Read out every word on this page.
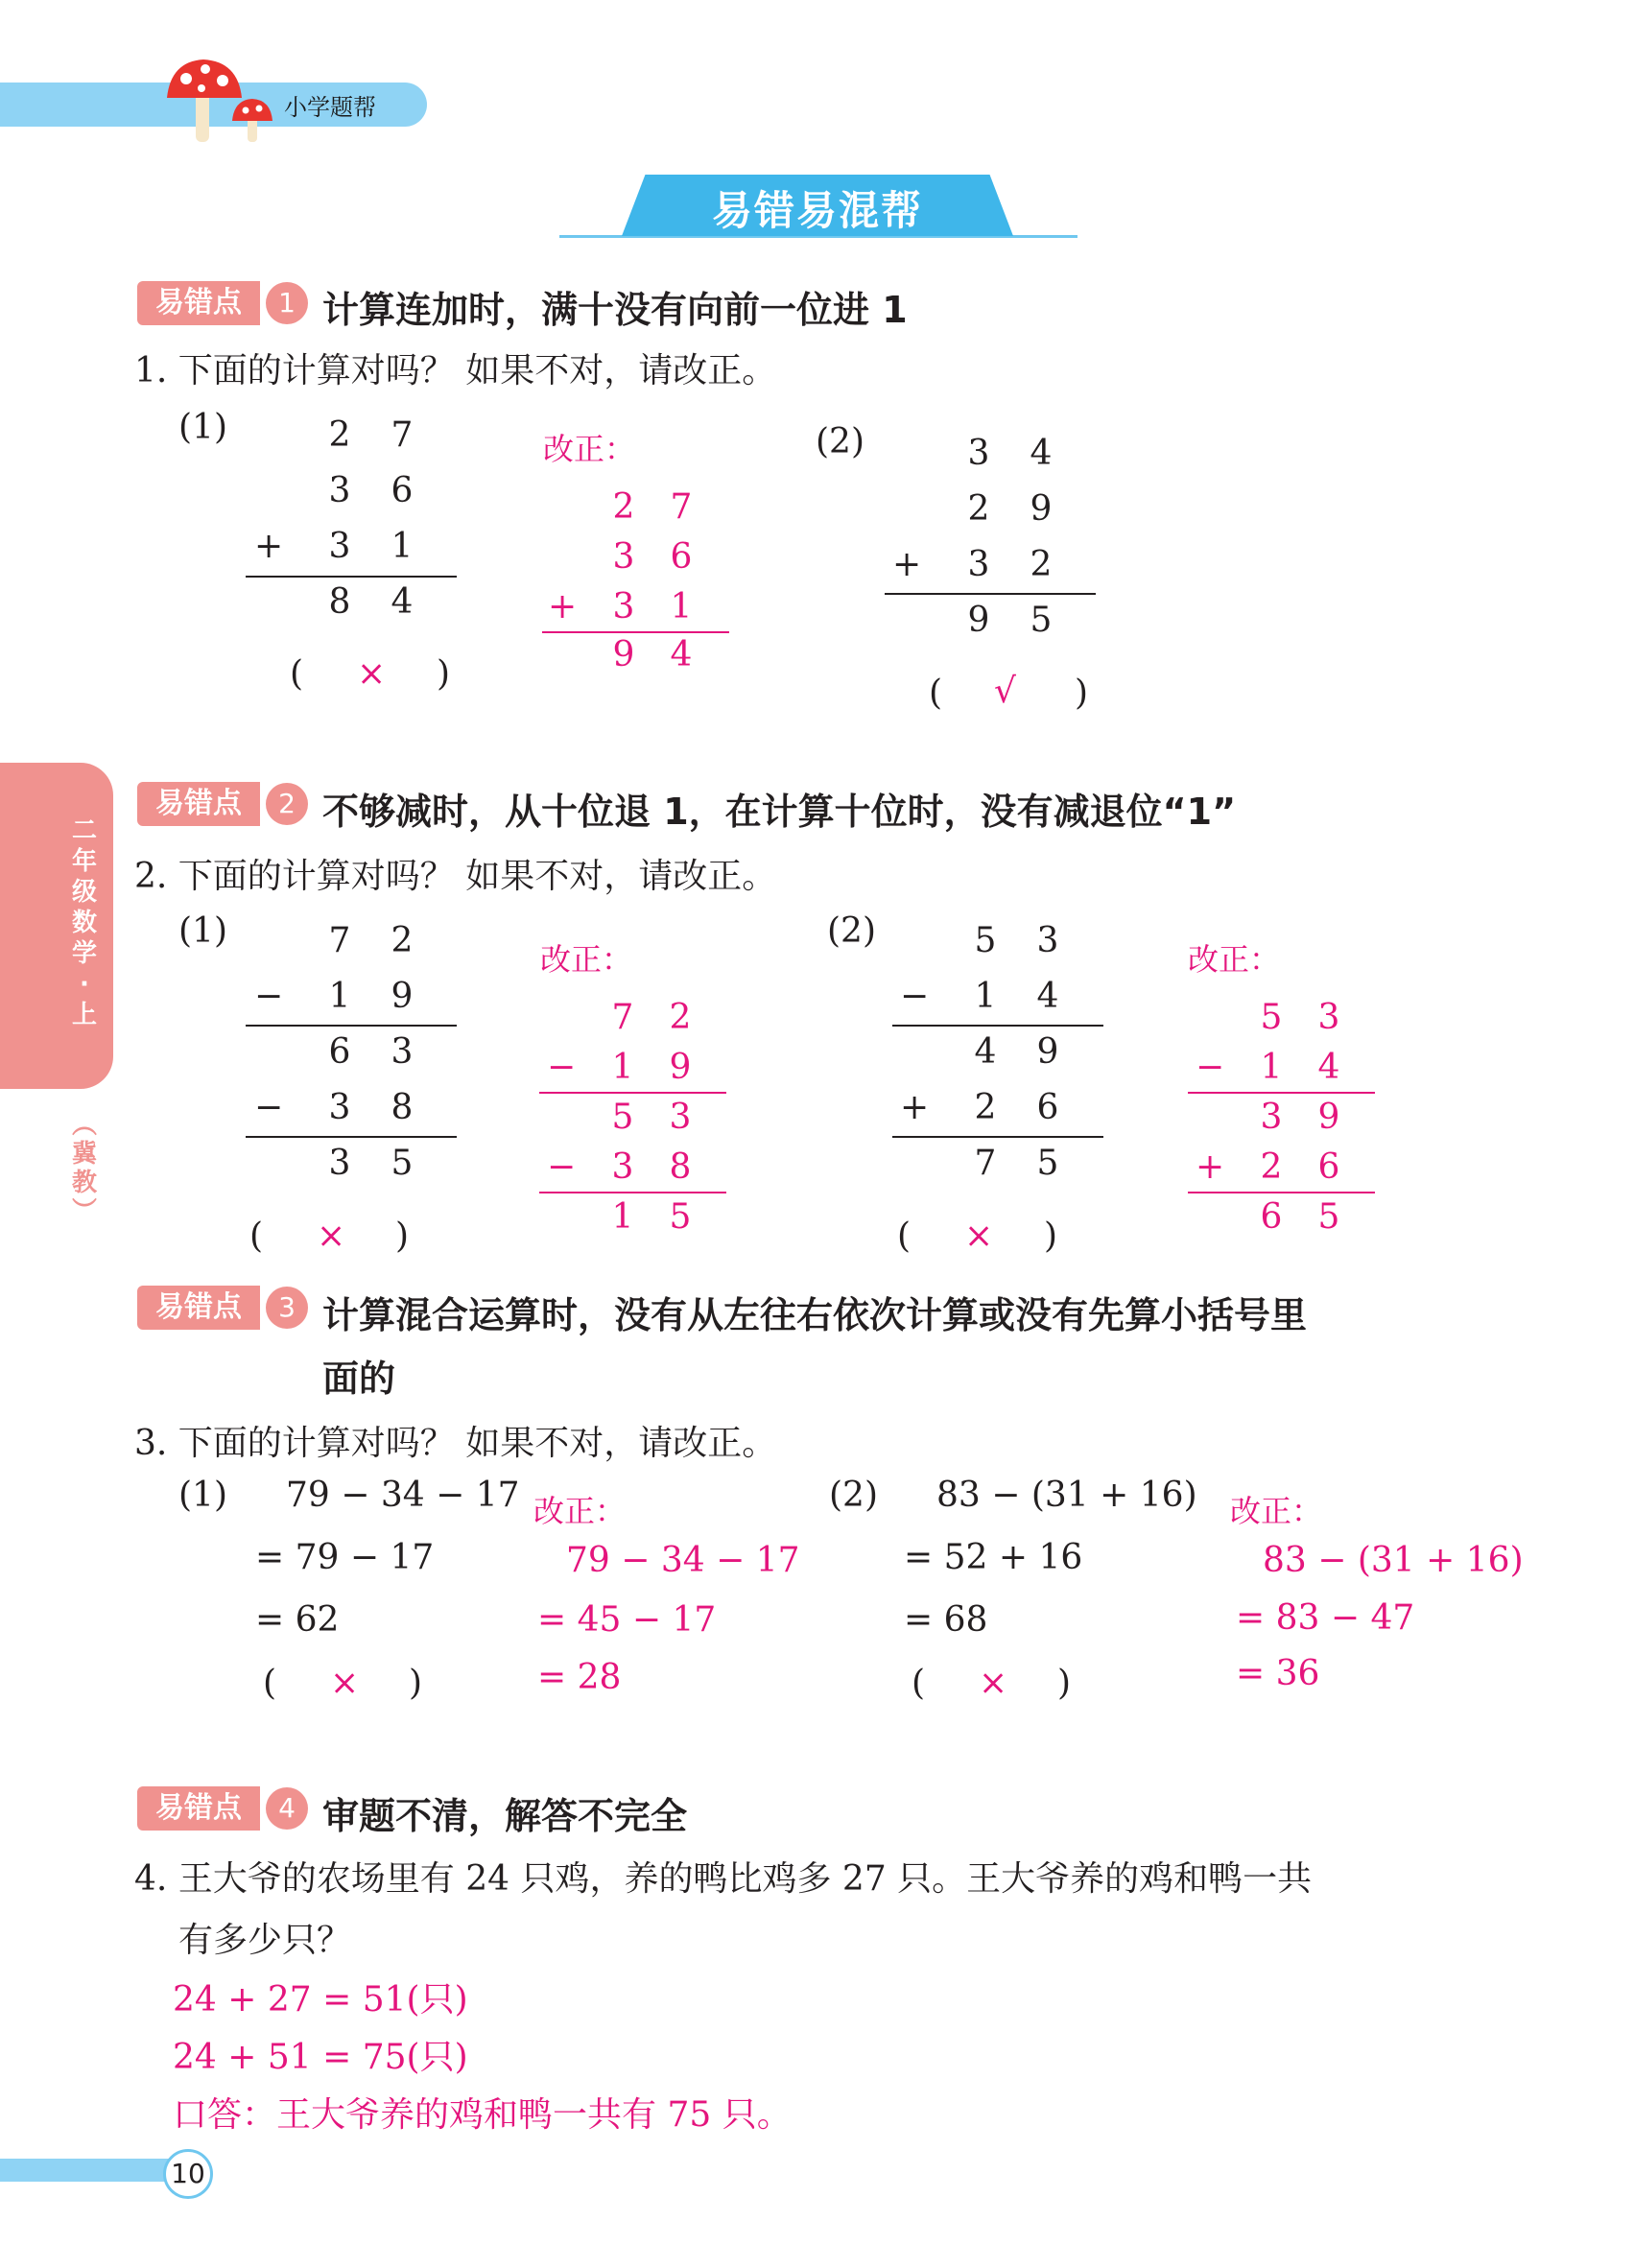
小学题帮
易错易混帮
二
年
级
数
学
·
上
︵
冀
教
︶
易错点	1 计算连加时，满十没有向前一位进 1
1. 下面的计算对吗？ 如果不对，请改正。
(1)	2 7
3 6
+ 3 1
8 4
( × )
改正：
2 7
3 6
+ 3 1
9 4
(2)	3 4
2 9
+ 3 2
9 5
( √ )
易错点	2 不够减时，从十位退 1，在计算十位时，没有减退位“1”
2. 下面的计算对吗？ 如果不对，请改正。
(1)	7 2
− 1 9
6 3
− 3 8
3 5
( × )
改正：
7 2
− 1 9
5 3
− 3 8
1 5
(2)	5 3
− 1 4
4 9
+ 2 6
7 5
( × )
改正：
5 3
− 1 4
3 9
+ 2 6
6 5
易错点	3 计算混合运算时，没有从左往右依次计算或没有先算小括号里
面的
3. 下面的计算对吗？ 如果不对，请改正。
(1) 79 − 34 − 17
= 79 − 17
= 62
( × )
改正：
79 − 34 − 17
= 45 − 17
= 28
(2) 83 − (31 + 16)
= 52 + 16
= 68
( × )
改正：
83 − (31 + 16)
= 83 − 47
= 36
易错点	4 审题不清，解答不完全
4. 王大爷的农场里有 24 只鸡，养的鸭比鸡多 27 只。王大爷养的鸡和鸭一共
有多少只？
24 + 27 = 51(只)
24 + 51 = 75(只)
口答：王大爷养的鸡和鸭一共有 75 只。
10
